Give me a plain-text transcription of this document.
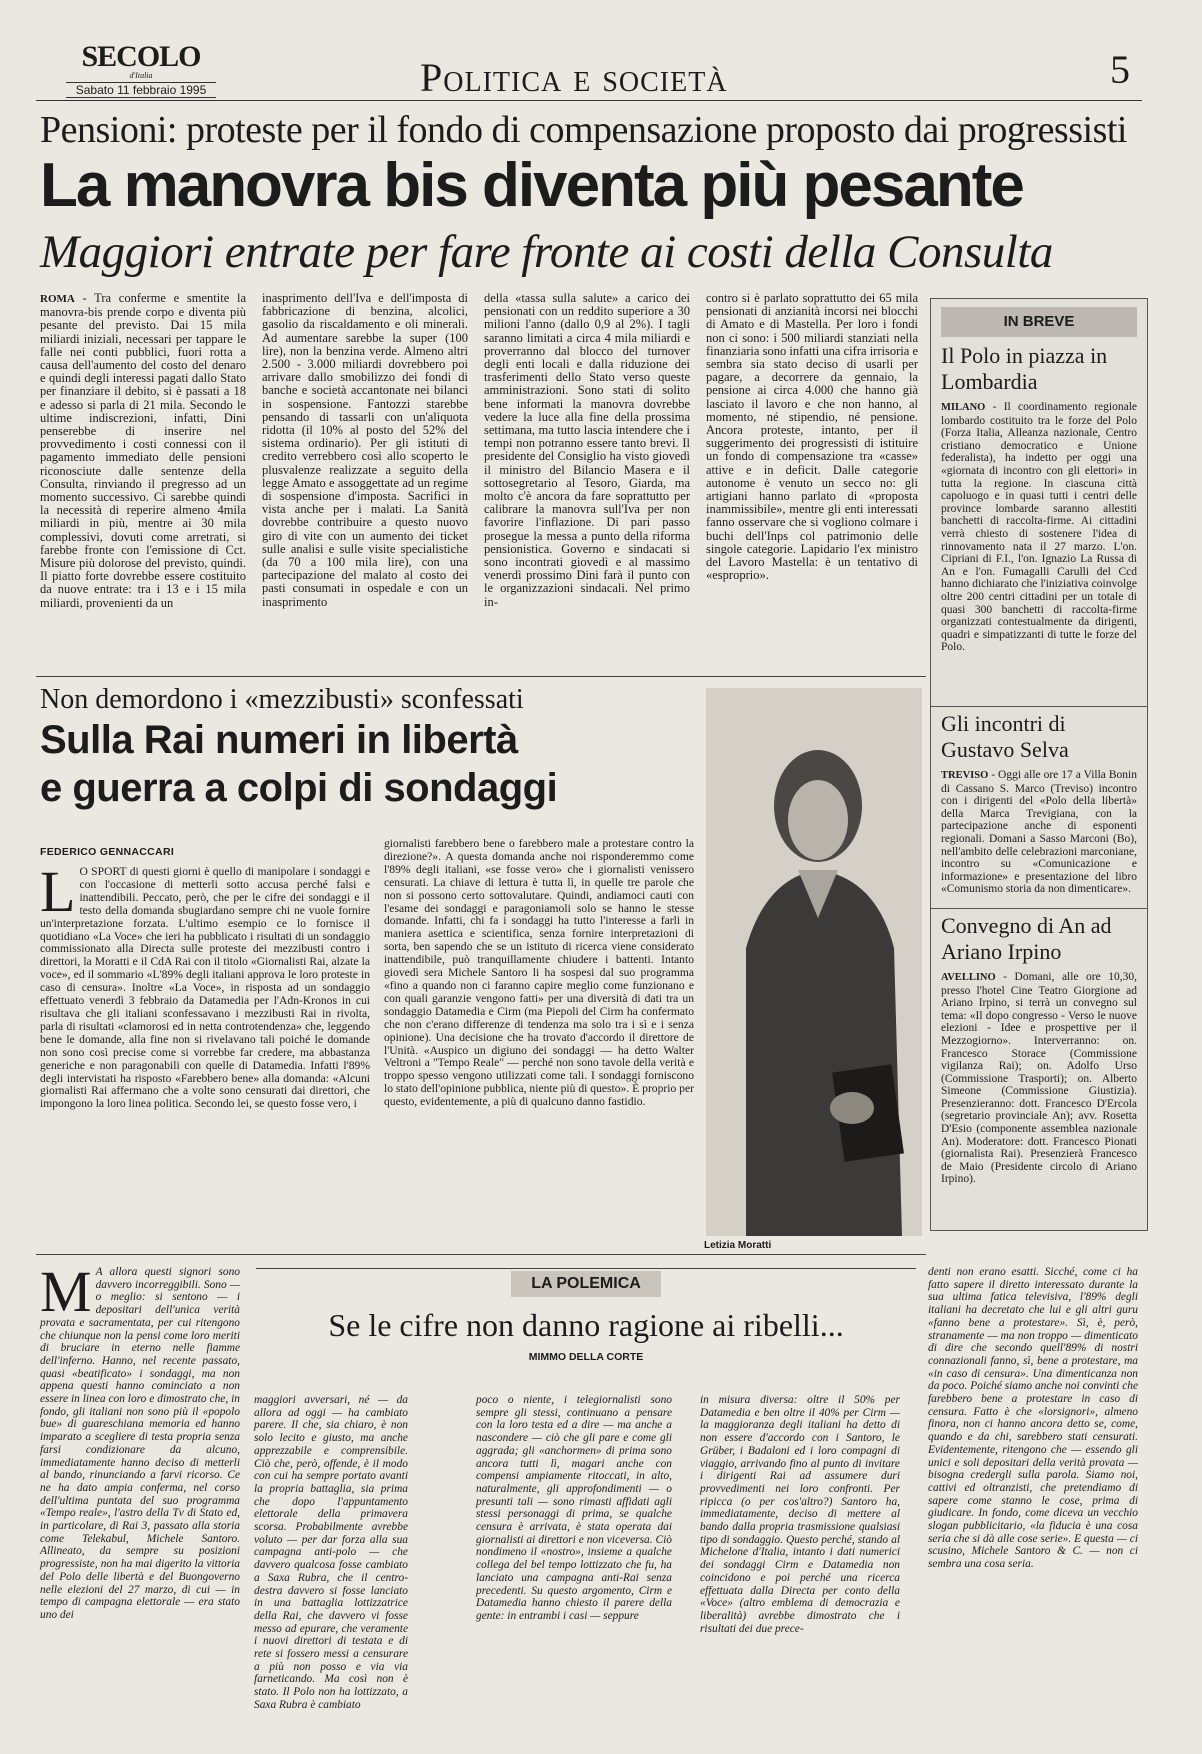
SECOLO
d'Italia
Sabato 11 febbraio 1995	Politica e società	5
Pensioni: proteste per il fondo di compensazione proposto dai progressisti
La manovra bis diventa più pesante
Maggiori entrate per fare fronte ai costi della Consulta
ROMA - Tra conferme e smentite la manovra-bis prende corpo e diventa più pesante del previsto. Dai 15 mila miliardi iniziali, necessari per tappare le falle nei conti pubblici, fuori rotta a causa dell'aumento del costo del denaro e quindi degli interessi pagati dallo Stato per finanziare il debito, si è passati a 18 e adesso si parla di 21 mila. Secondo le ultime indiscrezioni, infatti, Dini penserebbe di inserire nel provvedimento i costi connessi con il pagamento immediato delle pensioni riconosciute dalle sentenze della Consulta, rinviando il pregresso ad un momento successivo. Ci sarebbe quindi la necessità di reperire almeno 4mila miliardi in più, mentre ai 30 mila complessivi, dovuti come arretrati, si farebbe fronte con l'emissione di Cct. Misure più dolorose del previsto, quindi. Il piatto forte dovrebbe essere costituito da nuove entrate: tra i 13 e i 15 mila miliardi, provenienti da un
inasprimento dell'Iva e dell'imposta di fabbricazione di benzina, alcolici, gasolio da riscaldamento e oli minerali. Ad aumentare sarebbe la super (100 lire), non la benzina verde. Almeno altri 2.500 - 3.000 miliardi dovrebbero poi arrivare dallo smobilizzo dei fondi di banche e società accantonate nei bilanci in sospensione. Fantozzi starebbe pensando di tassarli con un'aliquota ridotta (il 10% al posto del 52% del sistema ordinario). Per gli istituti di credito verrebbero così allo scoperto le plusvalenze realizzate a seguito della legge Amato e assoggettate ad un regime di sospensione d'imposta. Sacrifici in vista anche per i malati. La Sanità dovrebbe contribuire a questo nuovo giro di vite con un aumento dei ticket sulle analisi e sulle visite specialistiche (da 70 a 100 mila lire), con una partecipazione del malato al costo dei pasti consumati in ospedale e con un inasprimento
della «tassa sulla salute» a carico dei pensionati con un reddito superiore a 30 milioni l'anno (dallo 0,9 al 2%). I tagli saranno limitati a circa 4 mila miliardi e proverranno dal blocco del turnover degli enti locali e dalla riduzione dei trasferimenti dello Stato verso queste amministrazioni. Sono stati di solito bene informati la manovra dovrebbe vedere la luce alla fine della prossima settimana, ma tutto lascia intendere che i tempi non potranno essere tanto brevi. Il presidente del Consiglio ha visto giovedì il ministro del Bilancio Masera e il sottosegretario al Tesoro, Giarda, ma molto c'è ancora da fare soprattutto per calibrare la manovra sull'Iva per non favorire l'inflazione. Di pari passo prosegue la messa a punto della riforma pensionistica. Governo e sindacati si sono incontrati giovedì e al massimo venerdì prossimo Dini farà il punto con le organizzazioni sindacali. Nel primo in-
contro si è parlato soprattutto dei 65 mila pensionati di anzianità incorsi nei blocchi di Amato e di Mastella. Per loro i fondi non ci sono: i 500 miliardi stanziati nella finanziaria sono infatti una cifra irrisoria e sembra sia stato deciso di usarli per pagare, a decorrere da gennaio, la pensione ai circa 4.000 che hanno già lasciato il lavoro e che non hanno, al momento, né stipendio, né pensione. Ancora proteste, intanto, per il suggerimento dei progressisti di istituire un fondo di compensazione tra «casse» attive e in deficit. Dalle categorie autonome è venuto un secco no: gli artigiani hanno parlato di «proposta inammissibile», mentre gli enti interessati fanno osservare che si vogliono colmare i buchi dell'Inps col patrimonio delle singole categorie. Lapidario l'ex ministro del Lavoro Mastella: è un tentativo di «esproprio».
IN BREVE
Il Polo in piazza in Lombardia
MILANO - Il coordinamento regionale lombardo costituito tra le forze del Polo (Forza Italia, Alleanza nazionale, Centro cristiano democratico e Unione federalista), ha indetto per oggi una «giornata di incontro con gli elettori» in tutta la regione. In ciascuna città capoluogo e in quasi tutti i centri delle province lombarde saranno allestiti banchetti di raccolta-firme. Ai cittadini verrà chiesto di sostenere l'idea di rinnovamento nata il 27 marzo. L'on. Cipriani di F.I., l'on. Ignazio La Russa di An e l'on. Fumagalli Carulli del Ccd hanno dichiarato che l'iniziativa coinvolge oltre 200 centri cittadini per un totale di quasi 300 banchetti di raccolta-firme organizzati contestualmente da dirigenti, quadri e simpatizzanti di tutte le forze del Polo.
Gli incontri di Gustavo Selva
TREVISO - Oggi alle ore 17 a Villa Bonin di Cassano S. Marco (Treviso) incontro con i dirigenti del «Polo della libertà» della Marca Trevigiana, con la partecipazione anche di esponenti regionali. Domani a Sasso Marconi (Bo), nell'ambito delle celebrazioni marconiane, incontro su «Comunicazione e informazione» e presentazione del libro «Comunismo storia da non dimenticare».
Convegno di An ad Ariano Irpino
AVELLINO - Domani, alle ore 10,30, presso l'hotel Cine Teatro Giorgione ad Ariano Irpino, si terrà un convegno sul tema: «Il dopo congresso - Verso le nuove elezioni - Idee e prospettive per il Mezzogiorno». Interverranno: on. Francesco Storace (Commissione vigilanza Rai); on. Adolfo Urso (Commissione Trasporti); on. Alberto Simeone (Commissione Giustizia). Presenzieranno: dott. Francesco D'Ercola (segretario provinciale An); avv. Rosetta D'Esio (componente assemblea nazionale An). Moderatore: dott. Francesco Pionati (giornalista Rai). Presenzierà Francesco de Maio (Presidente circolo di Ariano Irpino).
Non demordono i «mezzibusti» sconfessati
Sulla Rai numeri in libertà
e guerra a colpi di sondaggi
FEDERICO GENNACCARI
L O SPORT di questi giorni è quello di manipolare i sondaggi e con l'occasione di metterli sotto accusa perché falsi e inattendibili. Peccato, però, che per le cifre dei sondaggi e il testo della domanda sbugiardano sempre chi ne vuole fornire un'interpretazione forzata. L'ultimo esempio ce lo fornisce il quotidiano «La Voce» che ieri ha pubblicato i risultati di un sondaggio commissionato alla Directa sulle proteste dei mezzibusti contro i direttori, la Moratti e il CdA Rai con il titolo «Giornalisti Rai, alzate la voce», ed il sommario «L'89% degli italiani approva le loro proteste in caso di censura». Inoltre «La Voce», in risposta ad un sondaggio effettuato venerdì 3 febbraio da Datamedia per l'Adn-Kronos in cui risultava che gli italiani sconfessavano i mezzibusti Rai in rivolta, parla di risultati «clamorosi ed in netta controtendenza» che, leggendo bene le domande, alla fine non si rivelavano tali poiché le domande non sono così precise come si vorrebbe far credere, ma abbastanza generiche e non paragonabili con quelle di Datamedia. Infatti l'89% degli intervistati ha risposto «Farebbero bene» alla domanda: «Alcuni giornalisti Rai affermano che a volte sono censurati dai direttori, che impongono la loro linea politica. Secondo lei, se questo fosse vero, i
giornalisti farebbero bene o farebbero male a protestare contro la direzione?». A questa domanda anche noi risponderemmo come l'89% degli italiani, «se fosse vero» che i giornalisti venissero censurati. La chiave di lettura è tutta lì, in quelle tre parole che non si possono certo sottovalutare. Quindi, andiamoci cauti con l'esame dei sondaggi e paragoniamoli solo se hanno le stesse domande. Infatti, chi fa i sondaggi ha tutto l'interesse a farli in maniera asettica e scientifica, senza fornire interpretazioni di sorta, ben sapendo che se un istituto di ricerca viene considerato inattendibile, può tranquillamente chiudere i battenti. Intanto giovedì sera Michele Santoro li ha sospesi dal suo programma «fino a quando non ci faranno capire meglio come funzionano e con quali garanzie vengono fatti» per una diversità di dati tra un sondaggio Datamedia e Cirm (ma Piepoli del Cirm ha confermato che non c'erano differenze di tendenza ma solo tra i sì e i senza opinione). Una decisione che ha trovato d'accordo il direttore de l'Unità. «Auspico un digiuno dei sondaggi — ha detto Walter Veltroni a "Tempo Reale" — perché non sono tavole della verità e troppo spesso vengono utilizzati come tali. I sondaggi forniscono lo stato dell'opinione pubblica, niente più di questo». È proprio per questo, evidentemente, a più di qualcuno danno fastidio.
Letizia Moratti
M A allora questi signori sono davvero incorreggibili. Sono — o meglio: si sentono — i depositari dell'unica verità provata e sacramentata, per cui ritengono che chiunque non la pensi come loro meriti di bruciare in eterno nelle fiamme dell'inferno. Hanno, nel recente passato, quasi «beatificato» i sondaggi, ma non appena questi hanno cominciato a non essere in linea con loro e dimostrato che, in fondo, gli italiani non sono più il «popolo bue» di guareschiana memoria ed hanno imparato a scegliere di testa propria senza farsi condizionare da alcuno, immediatamente hanno deciso di metterli al bando, rinunciando a farvi ricorso. Ce ne ha dato ampia conferma, nel corso dell'ultima puntata del suo programma «Tempo reale», l'astro della Tv di Stato ed, in particolare, di Rai 3, passato alla storia come Telekabul, Michele Santoro. Allineato, da sempre su posizioni progressiste, non ha mai digerito la vittoria del Polo delle libertà e del Buongoverno nelle elezioni del 27 marzo, di cui — in tempo di campagna elettorale — era stato uno dei
LA POLEMICA
Se le cifre non danno ragione ai ribelli...
MIMMO DELLA CORTE
maggiori avversari, né — da allora ad oggi — ha cambiato parere. Il che, sia chiaro, è non solo lecito e giusto, ma anche apprezzabile e comprensibile. Ciò che, però, offende, è il modo con cui ha sempre portato avanti la propria battaglia, sia prima che dopo l'appuntamento elettorale della primavera scorsa. Probabilmente avrebbe voluto — per dar forza alla sua campagna anti-polo — che davvero qualcosa fosse cambiato a Saxa Rubra, che il centro-destra davvero si fosse lanciato in una battaglia lottizzatrice della Rai, che davvero vi fosse messo ad epurare, che veramente i nuovi direttori di testata e di rete si fossero messi a censurare a più non posso e via via farneticando. Ma così non è stato. Il Polo non ha lottizzato, a Saxa Rubra è cambiato
poco o niente, i telegiornalisti sono sempre gli stessi, continuano a pensare con la loro testa ed a dire — ma anche a nascondere — ciò che gli pare e come gli aggrada; gli «anchormen» di prima sono ancora tutti lì, magari anche con compensi ampiamente ritoccati, in alto, naturalmente, gli approfondimenti — o presunti tali — sono rimasti affidati agli stessi personaggi di prima, se qualche censura è arrivata, è stata operata dai giornalisti ai direttori e non viceversa. Ciò nondimeno il «nostro», insieme a qualche collega del bel tempo lottizzato che fu, ha lanciato una campagna anti-Rai senza precedenti. Su questo argomento, Cirm e Datamedia hanno chiesto il parere della gente: in entrambi i casi — seppure
in misura diversa: oltre il 50% per Datamedia e ben oltre il 40% per Cirm — la maggioranza degli italiani ha detto di non essere d'accordo con i Santoro, le Grüber, i Badaloni ed i loro compagni di viaggio, arrivando fino al punto di invitare i dirigenti Rai ad assumere duri provvedimenti nei loro confronti. Per ripicca (o per cos'altro?) Santoro ha, immediatamente, deciso di mettere al bando dalla propria trasmissione qualsiasi tipo di sondaggio. Questo perché, stando al Michelone d'Italia, intanto i dati numerici dei sondaggi Cirm e Datamedia non coincidono e poi perché una ricerca effettuata dalla Directa per conto della «Voce» (altro emblema di democrazia e liberalità) avrebbe dimostrato che i risultati dei due prece-
denti non erano esatti. Sicché, come ci ha fatto sapere il diretto interessato durante la sua ultima fatica televisiva, l'89% degli italiani ha decretato che lui e gli altri guru «fanno bene a protestare». Sì, è, però, stranamente — ma non troppo — dimenticato di dire che secondo quell'89% di nostri connazionali fanno, sì, bene a protestare, ma «in caso di censura». Una dimenticanza non da poco. Poiché siamo anche noi convinti che farebbero bene a protestare in caso di censura. Fatto è che «lorsignori», almeno finora, non ci hanno ancora detto se, come, quando e da chi, sarebbero stati censurati. Evidentemente, ritengono che — essendo gli unici e soli depositari della verità provata — bisogna credergli sulla parola. Siamo noi, cattivi ed oltranzisti, che pretendiamo di sapere come stanno le cose, prima di giudicare. In fondo, come diceva un vecchio slogan pubblicitario, «la fiducia è una cosa seria che si dà alle cose serie». E questa — ci scusino, Michele Santoro & C. — non ci sembra una cosa seria.
